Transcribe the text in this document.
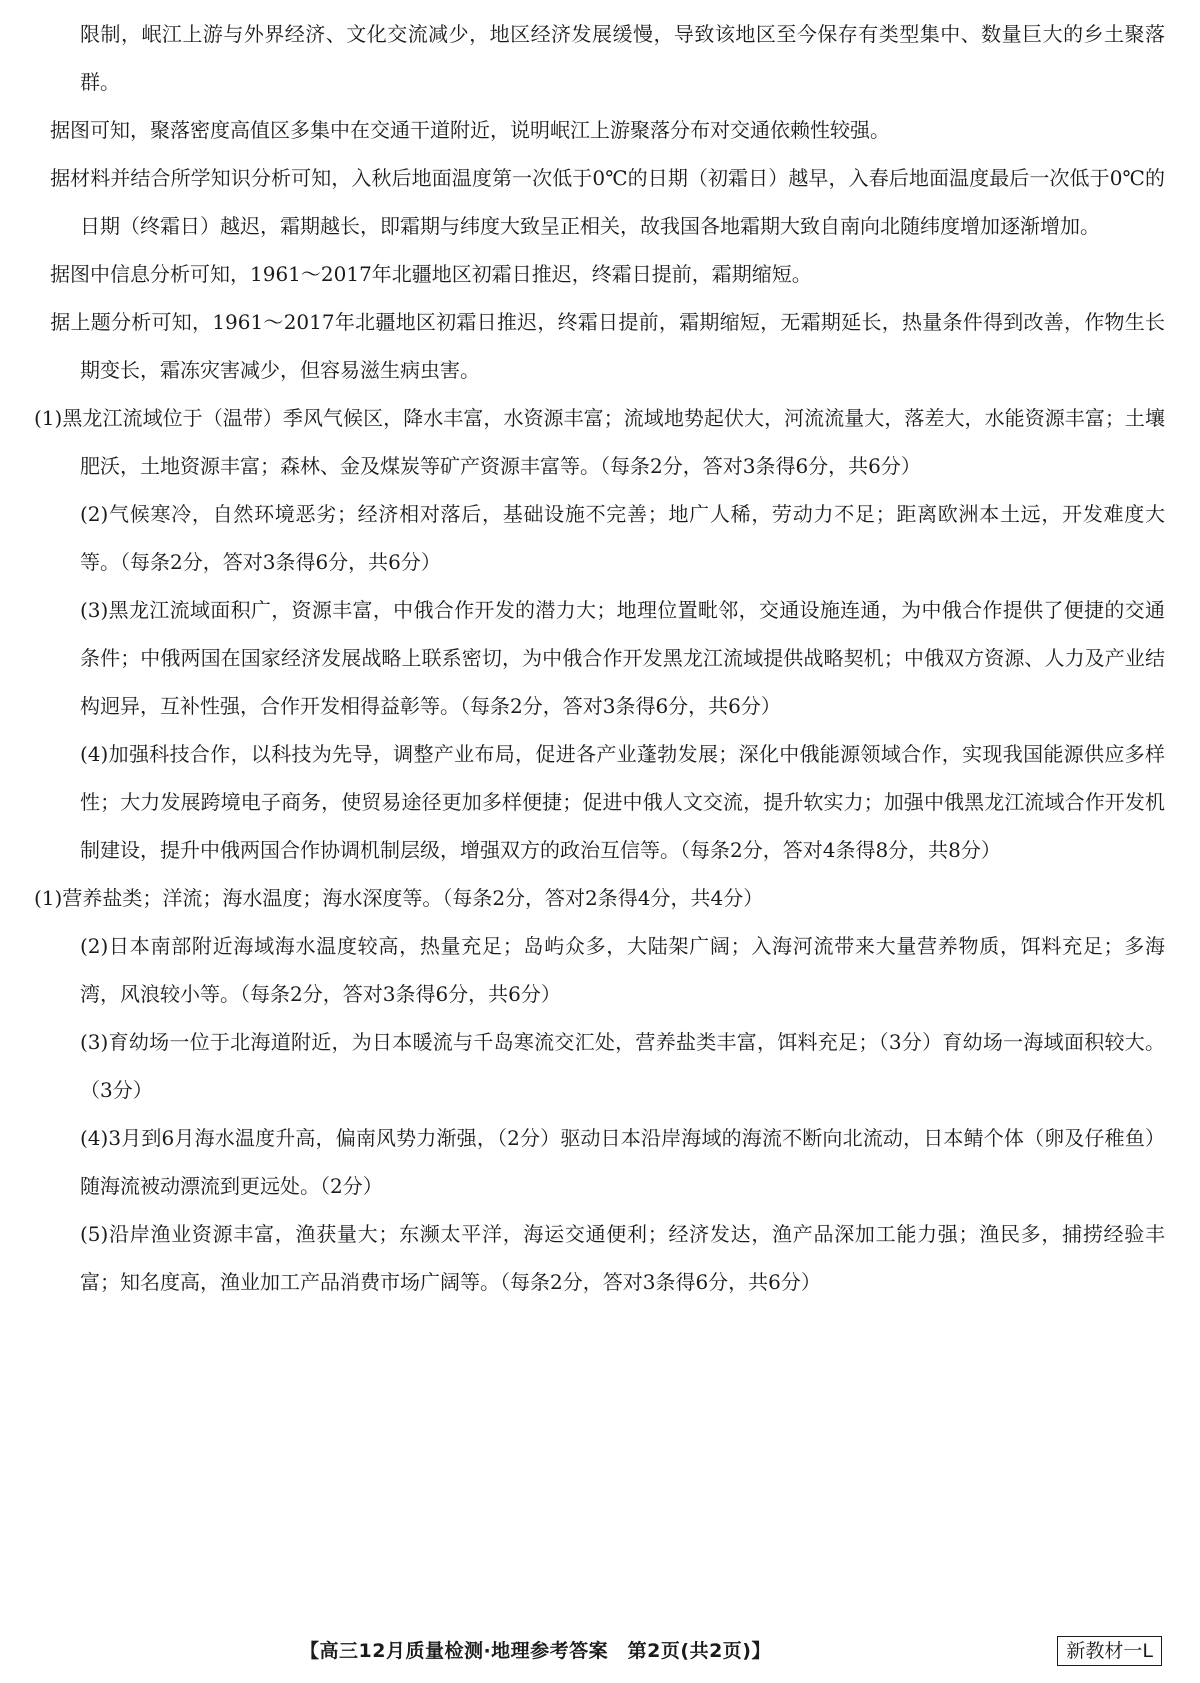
限制，岷江上游与外界经济、文化交流减少，地区经济发展缓慢，导致该地区至今保存有类型集中、数量巨大的乡土聚落群。

据图可知，聚落密度高值区多集中在交通干道附近，说明岷江上游聚落分布对交通依赖性较强。

据材料并结合所学知识分析可知，入秋后地面温度第一次低于0℃的日期（初霜日）越早，入春后地面温度最后一次低于0℃的日期（终霜日）越迟，霜期越长，即霜期与纬度大致呈正相关，故我国各地霜期大致自南向北随纬度增加逐渐增加。

据图中信息分析可知，1961～2017年北疆地区初霜日推迟，终霜日提前，霜期缩短。

据上题分析可知，1961～2017年北疆地区初霜日推迟，终霜日提前，霜期缩短，无霜期延长，热量条件得到改善，作物生长期变长，霜冻灾害减少，但容易滋生病虫害。

(1)黑龙江流域位于（温带）季风气候区，降水丰富，水资源丰富；流域地势起伏大，河流流量大，落差大，水能资源丰富；土壤肥沃，土地资源丰富；森林、金及煤炭等矿产资源丰富等。（每条2分，答对3条得6分，共6分）

(2)气候寒冷，自然环境恶劣；经济相对落后，基础设施不完善；地广人稀，劳动力不足；距离欧洲本土远，开发难度大等。（每条2分，答对3条得6分，共6分）

(3)黑龙江流域面积广，资源丰富，中俄合作开发的潜力大；地理位置毗邻，交通设施连通，为中俄合作提供了便捷的交通条件；中俄两国在国家经济发展战略上联系密切，为中俄合作开发黑龙江流域提供战略契机；中俄双方资源、人力及产业结构迥异，互补性强，合作开发相得益彰等。（每条2分，答对3条得6分，共6分）

(4)加强科技合作，以科技为先导，调整产业布局，促进各产业蓬勃发展；深化中俄能源领域合作，实现我国能源供应多样性；大力发展跨境电子商务，使贸易途径更加多样便捷；促进中俄人文交流，提升软实力；加强中俄黑龙江流域合作开发机制建设，提升中俄两国合作协调机制层级，增强双方的政治互信等。（每条2分，答对4条得8分，共8分）

(1)营养盐类；洋流；海水温度；海水深度等。（每条2分，答对2条得4分，共4分）

(2)日本南部附近海域海水温度较高，热量充足；岛屿众多，大陆架广阔；入海河流带来大量营养物质，饵料充足；多海湾，风浪较小等。（每条2分，答对3条得6分，共6分）

(3)育幼场一位于北海道附近，为日本暖流与千岛寒流交汇处，营养盐类丰富，饵料充足；（3分）育幼场一海域面积较大。（3分）

(4)3月到6月海水温度升高，偏南风势力渐强，（2分）驱动日本沿岸海域的海流不断向北流动，日本鲭个体（卵及仔稚鱼）随海流被动漂流到更远处。（2分）

(5)沿岸渔业资源丰富，渔获量大；东濒太平洋，海运交通便利；经济发达，渔产品深加工能力强；渔民多，捕捞经验丰富；知名度高，渔业加工产品消费市场广阔等。（每条2分，答对3条得6分，共6分）

【高三12月质量检测·地理参考答案　第2页(共2页)】	新教材一L
